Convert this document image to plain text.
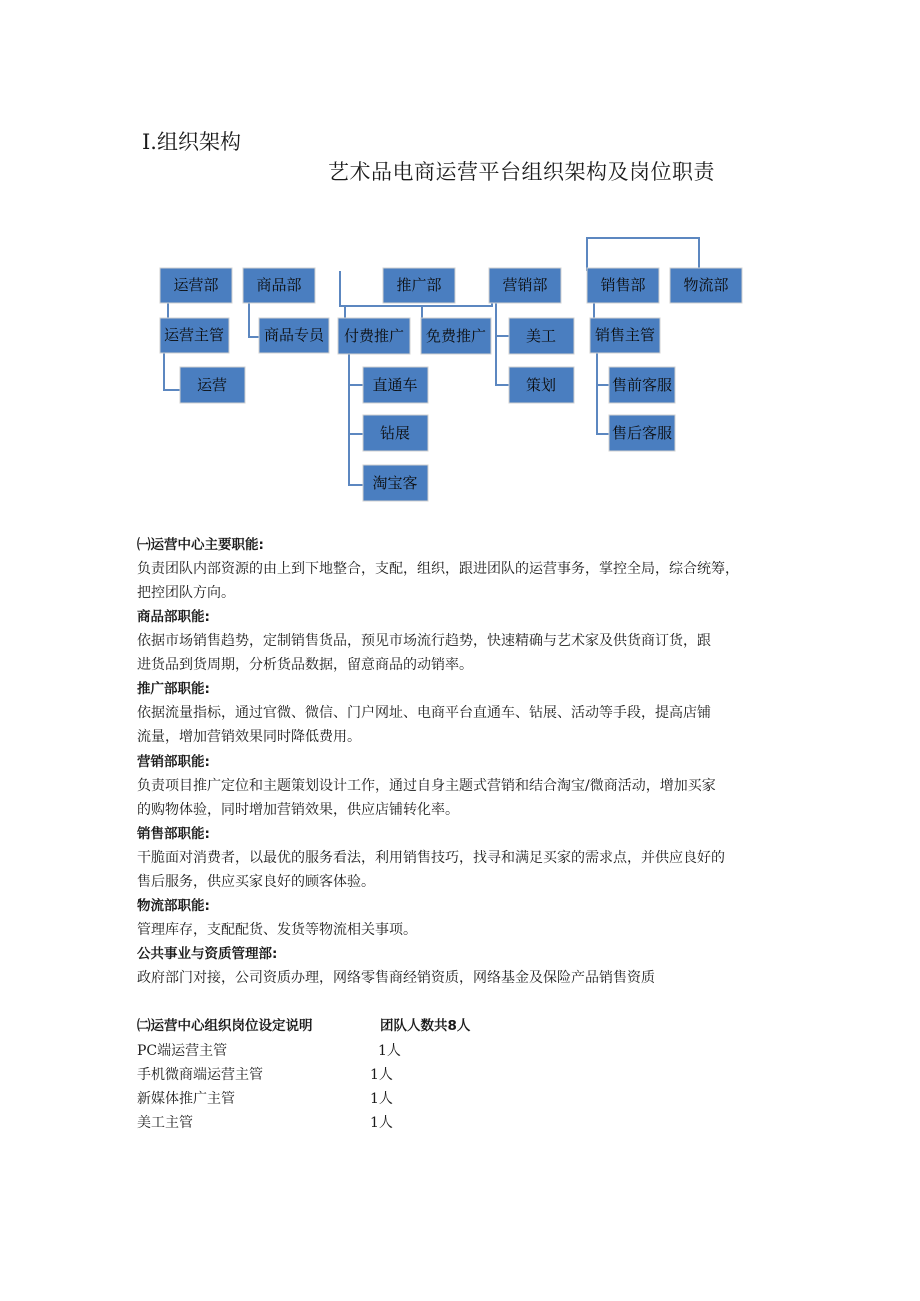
I.组织架构
艺术品电商运营平台组织架构及岗位职责
运营部	商品部	推广部	营销部	销售部	物流部
运营主管
运营
商品专员 付费推广 免费推广
直通车
钻展
淘宝客
美工
策划
销售主管
售前客服
售后客服
㈠运营中心主要职能:
负责团队内部资源的由上到下地整合，支配，组织，跟进团队的运营事务，掌控全局，综合统筹，
把控团队方向。
商品部职能:
依据市场销售趋势，定制销售货品，预见市场流行趋势，快速精确与艺术家及供货商订货，跟
进货品到货周期，分析货品数据，留意商品的动销率。
推广部职能:
依据流量指标，通过官微、微信、门户网址、电商平台直通车、钻展、活动等手段，提高店铺
流量，增加营销效果同时降低费用。
营销部职能:
负责项目推广定位和主题策划设计工作，通过自身主题式营销和结合淘宝/微商活动，增加买家
的购物体验，同时增加营销效果，供应店铺转化率。
销售部职能:
干脆面对消费者，以最优的服务看法，利用销售技巧，找寻和满足买家的需求点，并供应良好的
售后服务，供应买家良好的顾客体验。
物流部职能:
管理库存，支配配货、发货等物流相关事项。
公共事业与资质管理部:
政府部门对接，公司资质办理，网络零售商经销资质，网络基金及保险产品销售资质
㈡运营中心组织岗位设定说明	团队人数共8人
PC端运营主管	1人
手机微商端运营主管	1人
新媒体推广主管	1人
美工主管	1人
